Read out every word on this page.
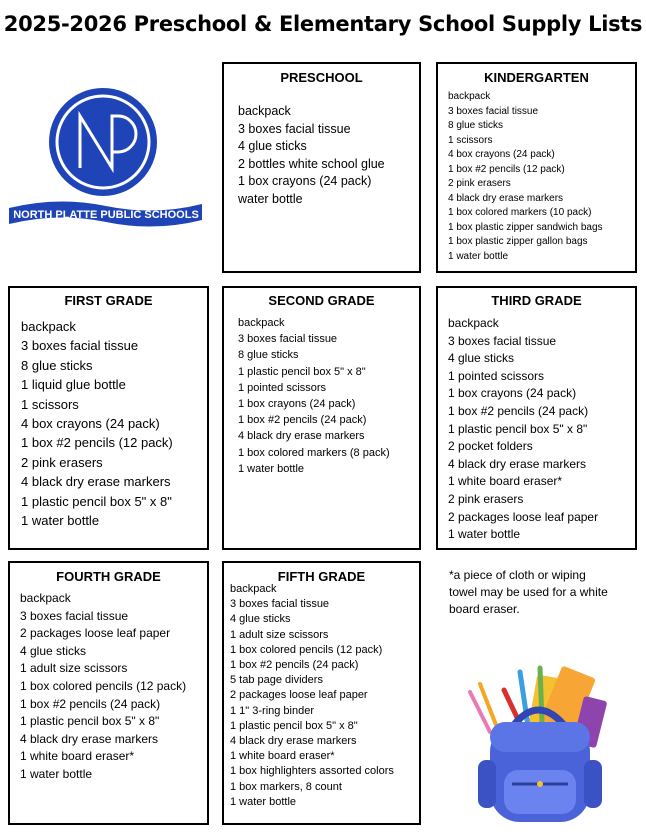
2025-2026 Preschool & Elementary School Supply Lists
NORTH PLATTE PUBLIC SCHOOLS
PRESCHOOL
backpack
3 boxes facial tissue
4 glue sticks
2 bottles white school glue
1 box crayons (24 pack)
water bottle
KINDERGARTEN
backpack
3 boxes facial tissue
8 glue sticks
1 scissors
4 box crayons (24 pack)
1 box #2 pencils (12 pack)
2 pink erasers
4 black dry erase markers
1 box colored markers (10 pack)
1 box plastic zipper sandwich bags
1 box plastic zipper gallon bags
1 water bottle
FIRST GRADE
backpack
3 boxes facial tissue
8 glue sticks
1 liquid glue bottle
1 scissors
4 box crayons (24 pack)
1 box #2 pencils (12 pack)
2 pink erasers
4 black dry erase markers
1 plastic pencil box 5" x 8"
1 water bottle
SECOND GRADE
backpack
3 boxes facial tissue
8 glue sticks
1 plastic pencil box 5" x 8"
1 pointed scissors
1 box crayons (24 pack)
1 box #2 pencils (24 pack)
4 black dry erase markers
1 box colored markers (8 pack)
1 water bottle
THIRD GRADE
backpack
3 boxes facial tissue
4 glue sticks
1 pointed scissors
1 box crayons (24 pack)
1 box #2 pencils (24 pack)
1 plastic pencil box 5" x 8"
2 pocket folders
4 black dry erase markers
1 white board eraser*
2 pink erasers
2 packages loose leaf paper
1 water bottle
FOURTH GRADE
backpack
3 boxes facial tissue
2 packages loose leaf paper
4 glue sticks
1 adult size scissors
1 box colored pencils (12 pack)
1 box #2 pencils (24 pack)
1 plastic pencil box 5" x 8"
4 black dry erase markers
1 white board eraser*
1 water bottle
FIFTH GRADE
backpack
3 boxes facial tissue
4 glue sticks
1 adult size scissors
1 box colored pencils (12 pack)
1 box #2 pencils (24 pack)
5 tab page dividers
2 packages loose leaf paper
1 1" 3-ring binder
1 plastic pencil box 5" x 8"
4 black dry erase markers
1 white board eraser*
1 box highlighters assorted colors
1 box markers, 8 count
1 water bottle
*a piece of cloth or wiping towel may be used for a white board eraser.
